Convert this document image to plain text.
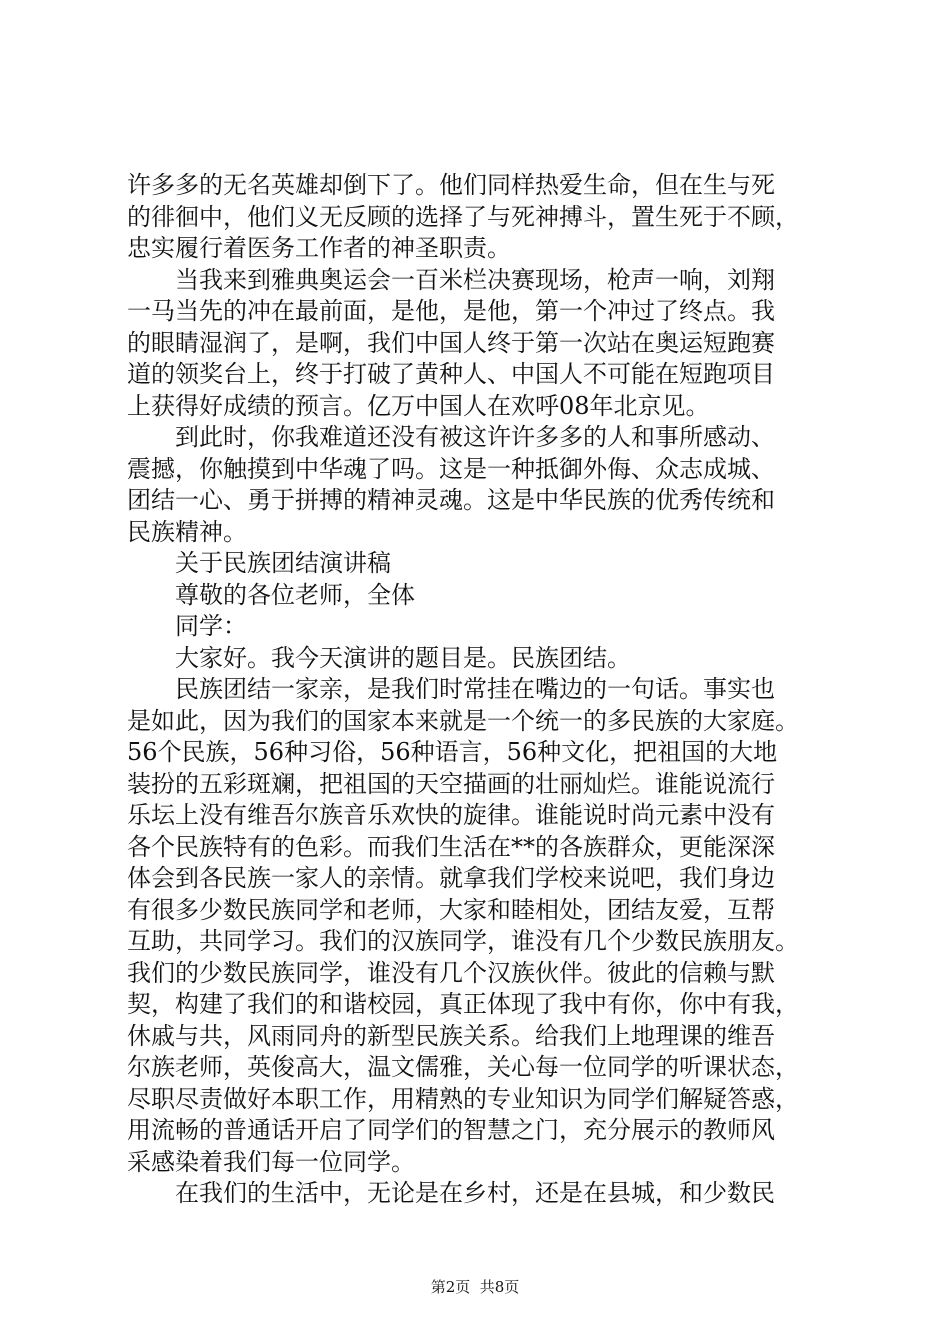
许多多的无名英雄却倒下了。他们同样热爱生命，但在生与死
的徘徊中，他们义无反顾的选择了与死神搏斗，置生死于不顾，
忠实履行着医务工作者的神圣职责。
当我来到雅典奥运会一百米栏决赛现场，枪声一响，刘翔
一马当先的冲在最前面，是他，是他，第一个冲过了终点。我
的眼睛湿润了，是啊，我们中国人终于第一次站在奥运短跑赛
道的领奖台上，终于打破了黄种人、中国人不可能在短跑项目
上获得好成绩的预言。亿万中国人在欢呼08年北京见。
到此时，你我难道还没有被这许许多多的人和事所感动、
震撼，你触摸到中华魂了吗。这是一种抵御外侮、众志成城、
团结一心、勇于拼搏的精神灵魂。这是中华民族的优秀传统和
民族精神。
关于民族团结演讲稿
尊敬的各位老师，全体
同学：
大家好。我今天演讲的题目是。民族团结。
民族团结一家亲，是我们时常挂在嘴边的一句话。事实也
是如此，因为我们的国家本来就是一个统一的多民族的大家庭。
56个民族，56种习俗，56种语言，56种文化，把祖国的大地
装扮的五彩斑斓，把祖国的天空描画的壮丽灿烂。谁能说流行
乐坛上没有维吾尔族音乐欢快的旋律。谁能说时尚元素中没有
各个民族特有的色彩。而我们生活在**的各族群众，更能深深
体会到各民族一家人的亲情。就拿我们学校来说吧，我们身边
有很多少数民族同学和老师，大家和睦相处，团结友爱，互帮
互助，共同学习。我们的汉族同学，谁没有几个少数民族朋友。
我们的少数民族同学，谁没有几个汉族伙伴。彼此的信赖与默
契，构建了我们的和谐校园，真正体现了我中有你，你中有我，
休戚与共，风雨同舟的新型民族关系。给我们上地理课的维吾
尔族老师，英俊高大，温文儒雅，关心每一位同学的听课状态，
尽职尽责做好本职工作，用精熟的专业知识为同学们解疑答惑，
用流畅的普通话开启了同学们的智慧之门，充分展示的教师风
采感染着我们每一位同学。
在我们的生活中，无论是在乡村，还是在县城，和少数民
第2页  共8页
